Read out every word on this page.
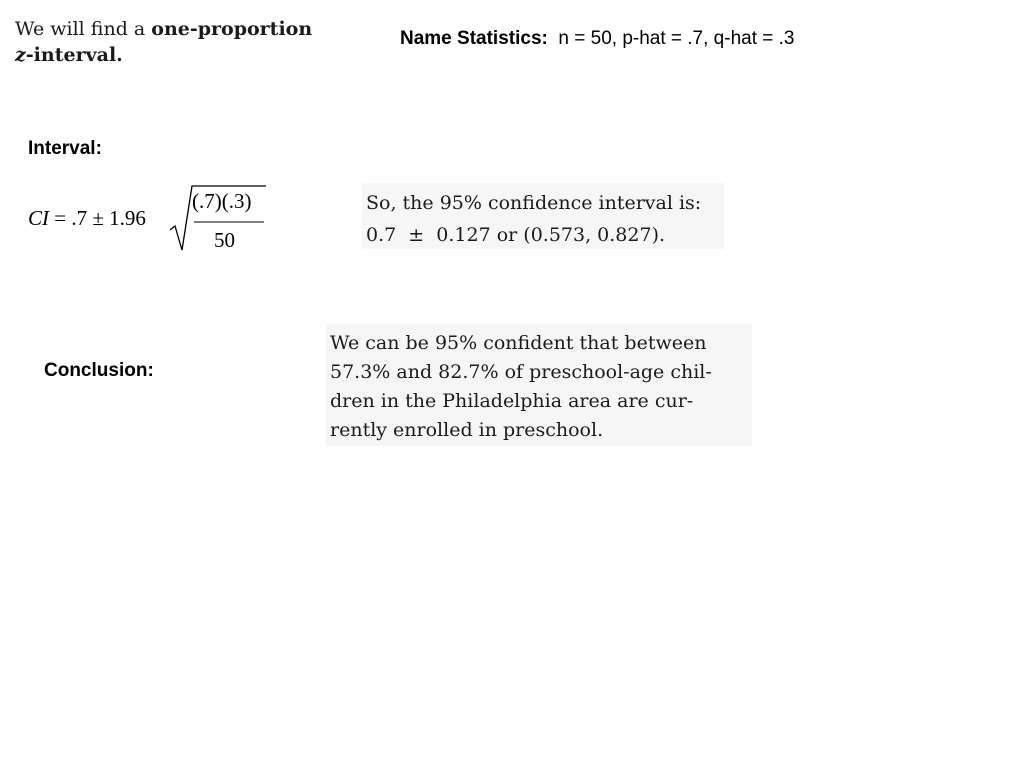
We will find a one-proportion
z-interval.
Name Statistics: n = 50, p-hat = .7, q-hat = .3
Interval:
CI = .7 ± 1.96
(.7)(.3)
50

So, the 95% confidence interval is:

0.7  ±  0.127 or (0.573, 0.827).

Conclusion:

We can be 95% confident that between

57.3% and 82.7% of preschool-age chil-

dren in the Philadelphia area are cur-

rently enrolled in preschool.
